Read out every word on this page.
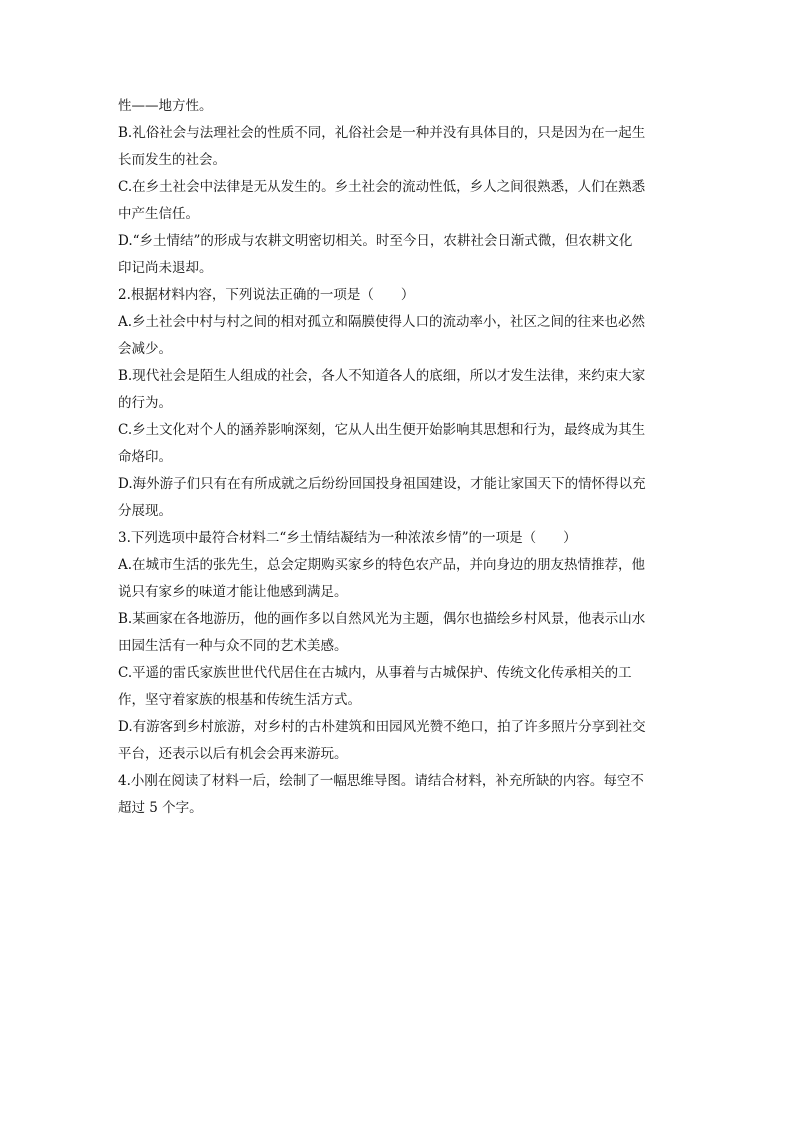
性——地方性。
B.礼俗社会与法理社会的性质不同，礼俗社会是一种并没有具体目的，只是因为在一起生
长而发生的社会。
C.在乡土社会中法律是无从发生的。乡土社会的流动性低，乡人之间很熟悉，人们在熟悉
中产生信任。
D.“乡土情结”的形成与农耕文明密切相关。时至今日，农耕社会日渐式微，但农耕文化
印记尚未退却。
2.根据材料内容，下列说法正确的一项是（　　）
A.乡土社会中村与村之间的相对孤立和隔膜使得人口的流动率小，社区之间的往来也必然
会减少。
B.现代社会是陌生人组成的社会，各人不知道各人的底细，所以才发生法律，来约束大家
的行为。
C.乡土文化对个人的涵养影响深刻，它从人出生便开始影响其思想和行为，最终成为其生
命烙印。
D.海外游子们只有在有所成就之后纷纷回国投身祖国建设，才能让家国天下的情怀得以充
分展现。
3.下列选项中最符合材料二“乡土情结凝结为一种浓浓乡情”的一项是（　　）
A.在城市生活的张先生，总会定期购买家乡的特色农产品，并向身边的朋友热情推荐，他
说只有家乡的味道才能让他感到满足。
B.某画家在各地游历，他的画作多以自然风光为主题，偶尔也描绘乡村风景，他表示山水
田园生活有一种与众不同的艺术美感。
C.平遥的雷氏家族世世代代居住在古城内，从事着与古城保护、传统文化传承相关的工
作，坚守着家族的根基和传统生活方式。
D.有游客到乡村旅游，对乡村的古朴建筑和田园风光赞不绝口，拍了许多照片分享到社交
平台，还表示以后有机会会再来游玩。
4.小刚在阅读了材料一后，绘制了一幅思维导图。请结合材料，补充所缺的内容。每空不
超过 5 个字。
